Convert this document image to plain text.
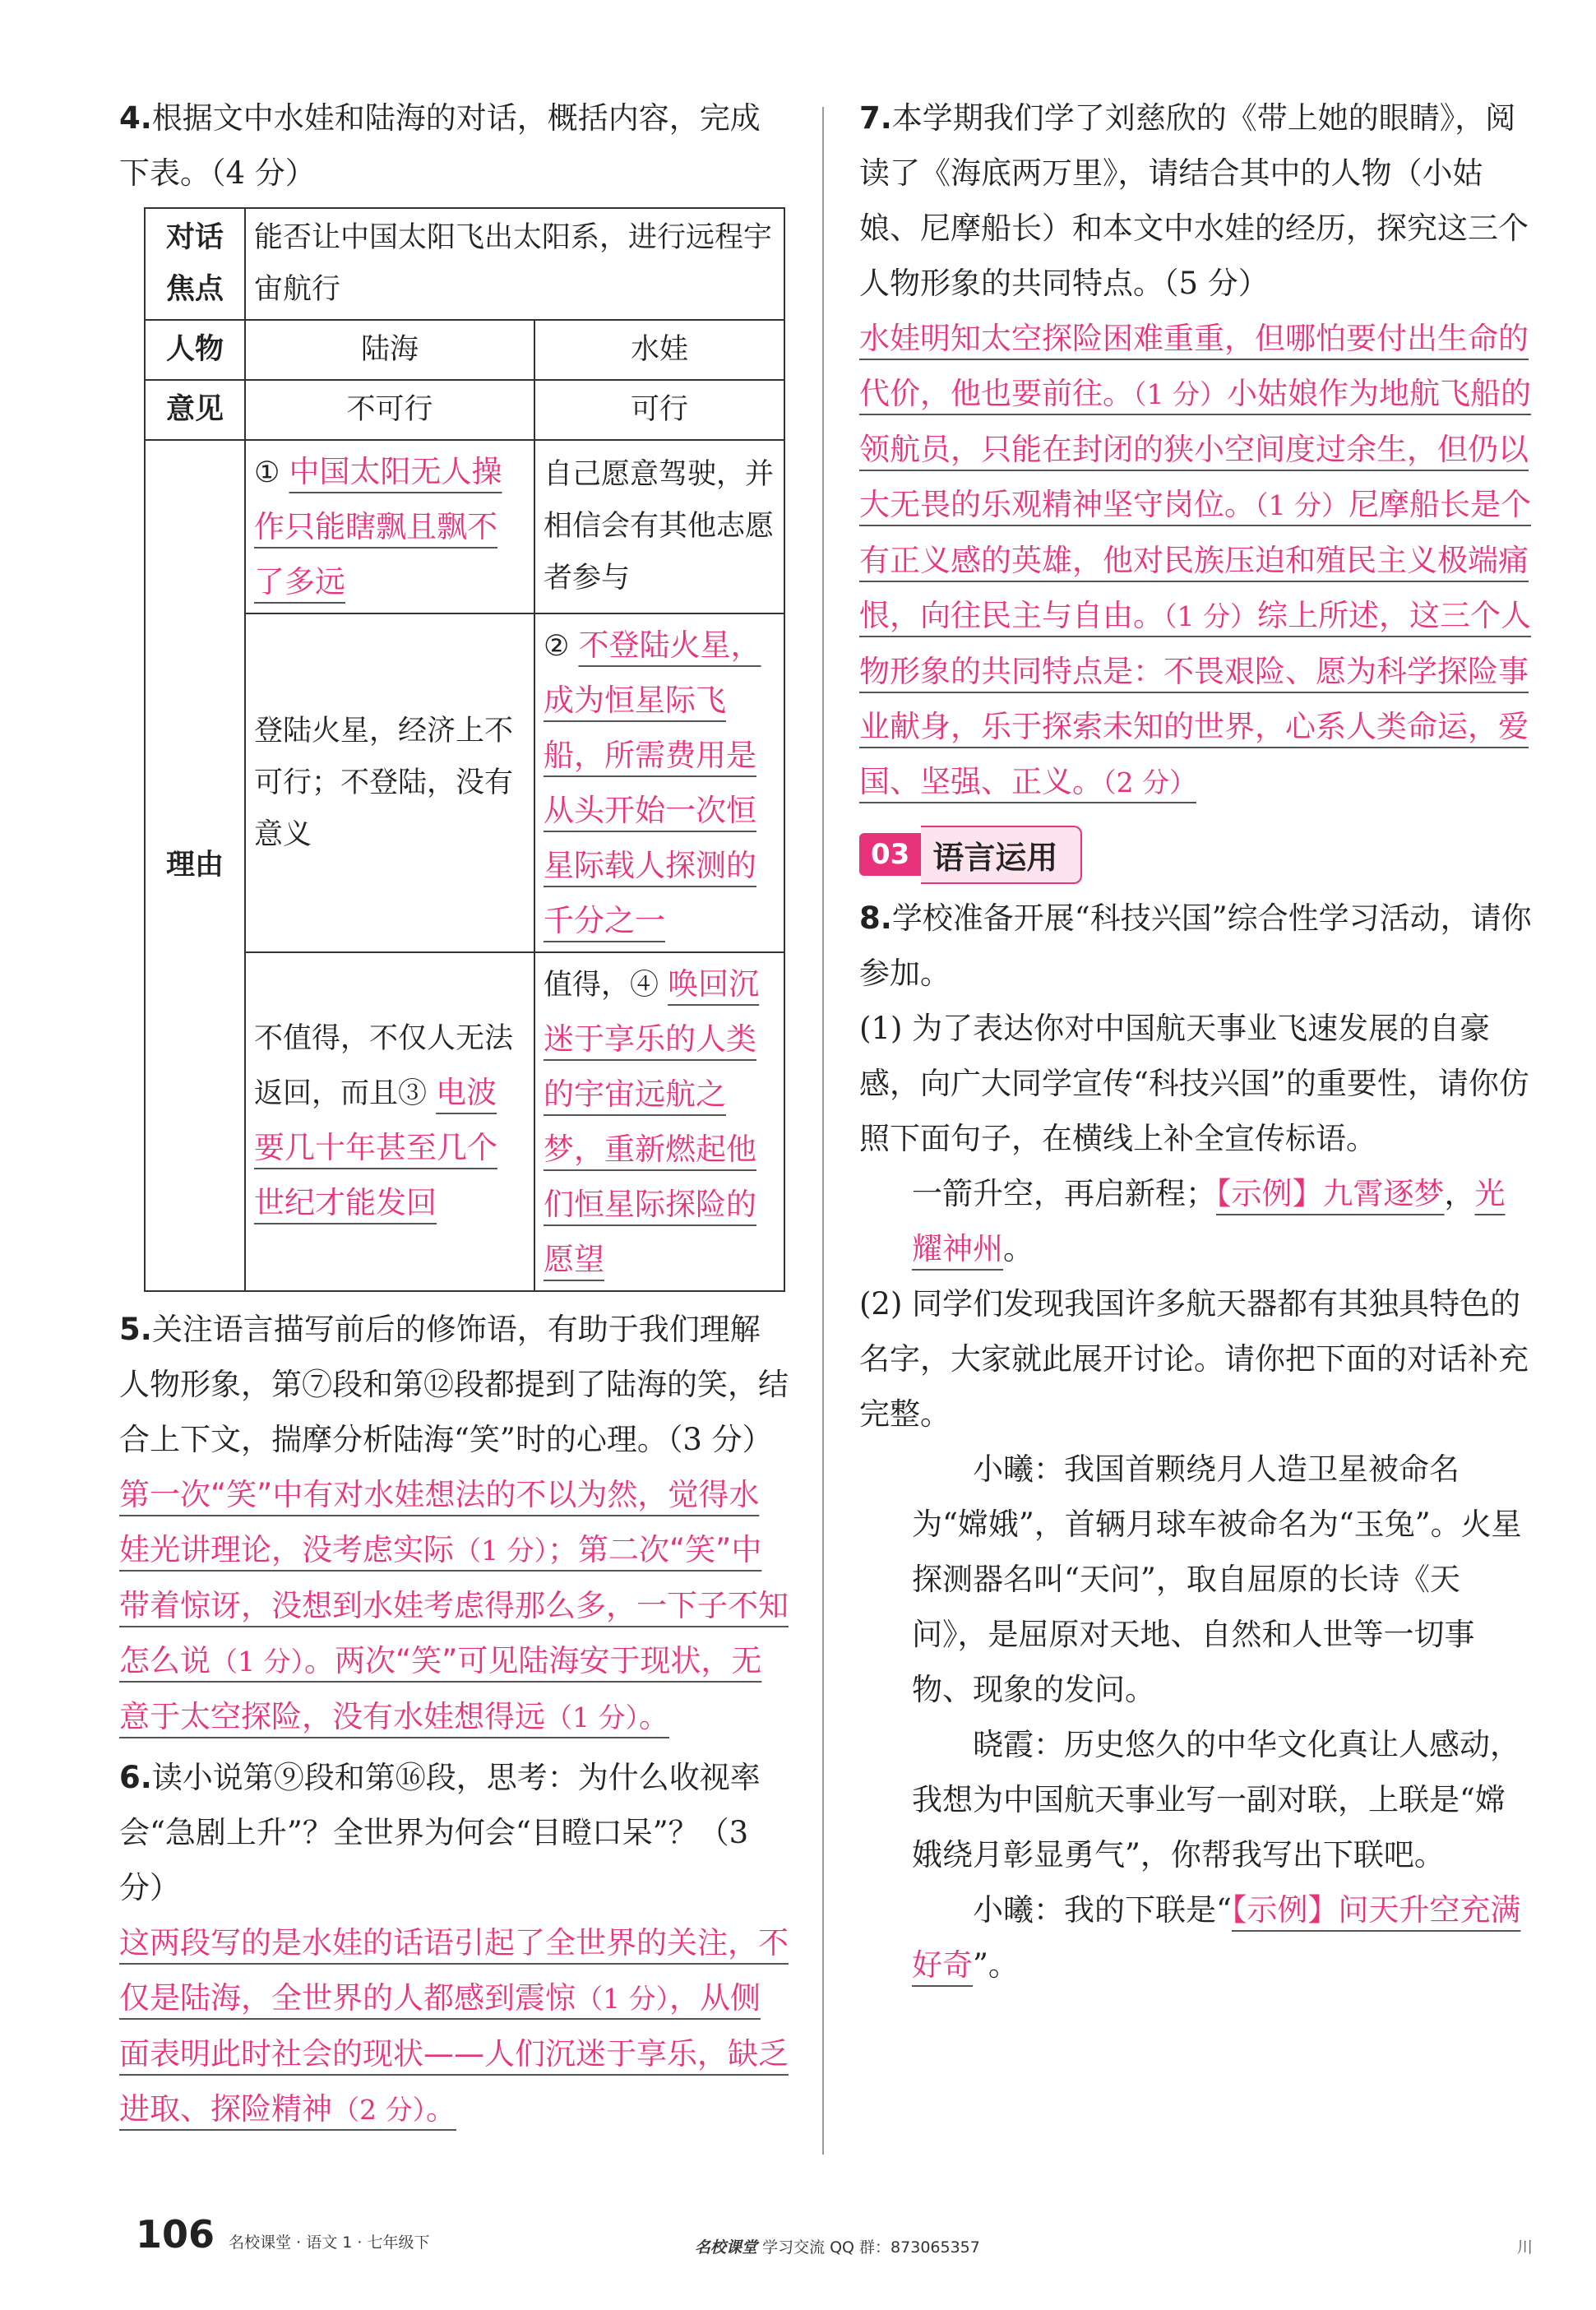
4.根据文中水娃和陆海的对话，概括内容，完成下表。（4 分）

对话焦点	能否让中国太阳飞出太阳系，进行远程宇宙航行	
人物	陆海	水娃
意见	不可行	可行
理由	① 中国太阳无人操作只能瞎飘且飘不了多远	自己愿意驾驶，并相信会有其他志愿者参与
	登陆火星，经济上不可行；不登陆，没有意义	② 不登陆火星，成为恒星际飞船，所需费用是从头开始一次恒星际载人探测的千分之一
	不值得，不仅人无法返回，而且③ 电波要几十年甚至几个世纪才能发回	值得，④ 唤回沉迷于享乐的人类的宇宙远航之梦，重新燃起他们恒星际探险的愿望

5.关注语言描写前后的修饰语，有助于我们理解人物形象，第⑦段和第⑫段都提到了陆海的笑，结合上下文，揣摩分析陆海“笑”时的心理。（3 分）

第一次“笑”中有对水娃想法的不以为然，觉得水娃光讲理论，没考虑实际（1 分）；第二次“笑”中带着惊讶，没想到水娃考虑得那么多，一下子不知怎么说（1 分）。两次“笑”可见陆海安于现状，无意于太空探险，没有水娃想得远（1 分）。

6.读小说第⑨段和第⑯段，思考：为什么收视率会“急剧上升”？全世界为何会“目瞪口呆”？（3 分）

这两段写的是水娃的话语引起了全世界的关注，不仅是陆海，全世界的人都感到震惊（1 分），从侧面表明此时社会的现状——人们沉迷于享乐，缺乏进取、探险精神（2 分）。

7.本学期我们学了刘慈欣的《带上她的眼睛》，阅读了《海底两万里》，请结合其中的人物（小姑娘、尼摩船长）和本文中水娃的经历，探究这三个人物形象的共同特点。（5 分）

水娃明知太空探险困难重重，但哪怕要付出生命的代价，他也要前往。（1 分）小姑娘作为地航飞船的领航员，只能在封闭的狭小空间度过余生，但仍以大无畏的乐观精神坚守岗位。（1 分）尼摩船长是个有正义感的英雄，他对民族压迫和殖民主义极端痛恨，向往民主与自由。（1 分）综上所述，这三个人物形象的共同特点是：不畏艰险、愿为科学探险事业献身，乐于探索未知的世界，心系人类命运，爱国、坚强、正义。（2 分）

03 语言运用

8.学校准备开展“科技兴国”综合性学习活动，请你参加。

(1) 为了表达你对中国航天事业飞速发展的自豪感，向广大同学宣传“科技兴国”的重要性，请你仿照下面句子，在横线上补全宣传标语。

一箭升空，再启新程；【示例】九霄逐梦，光耀神州。

(2) 同学们发现我国许多航天器都有其独具特色的名字，大家就此展开讨论。请你把下面的对话补充完整。

小曦：我国首颗绕月人造卫星被命名为“嫦娥”，首辆月球车被命名为“玉兔”。火星探测器名叫“天问”，取自屈原的长诗《天问》，是屈原对天地、自然和人世等一切事物、现象的发问。

晓霞：历史悠久的中华文化真让人感动，我想为中国航天事业写一副对联，上联是“嫦娥绕月彰显勇气”，你帮我写出下联吧。

小曦：我的下联是“【示例】问天升空充满好奇”。

106 名校课堂 · 语文 1 · 七年级下	名校课堂 学习交流 QQ 群：873065357	川
